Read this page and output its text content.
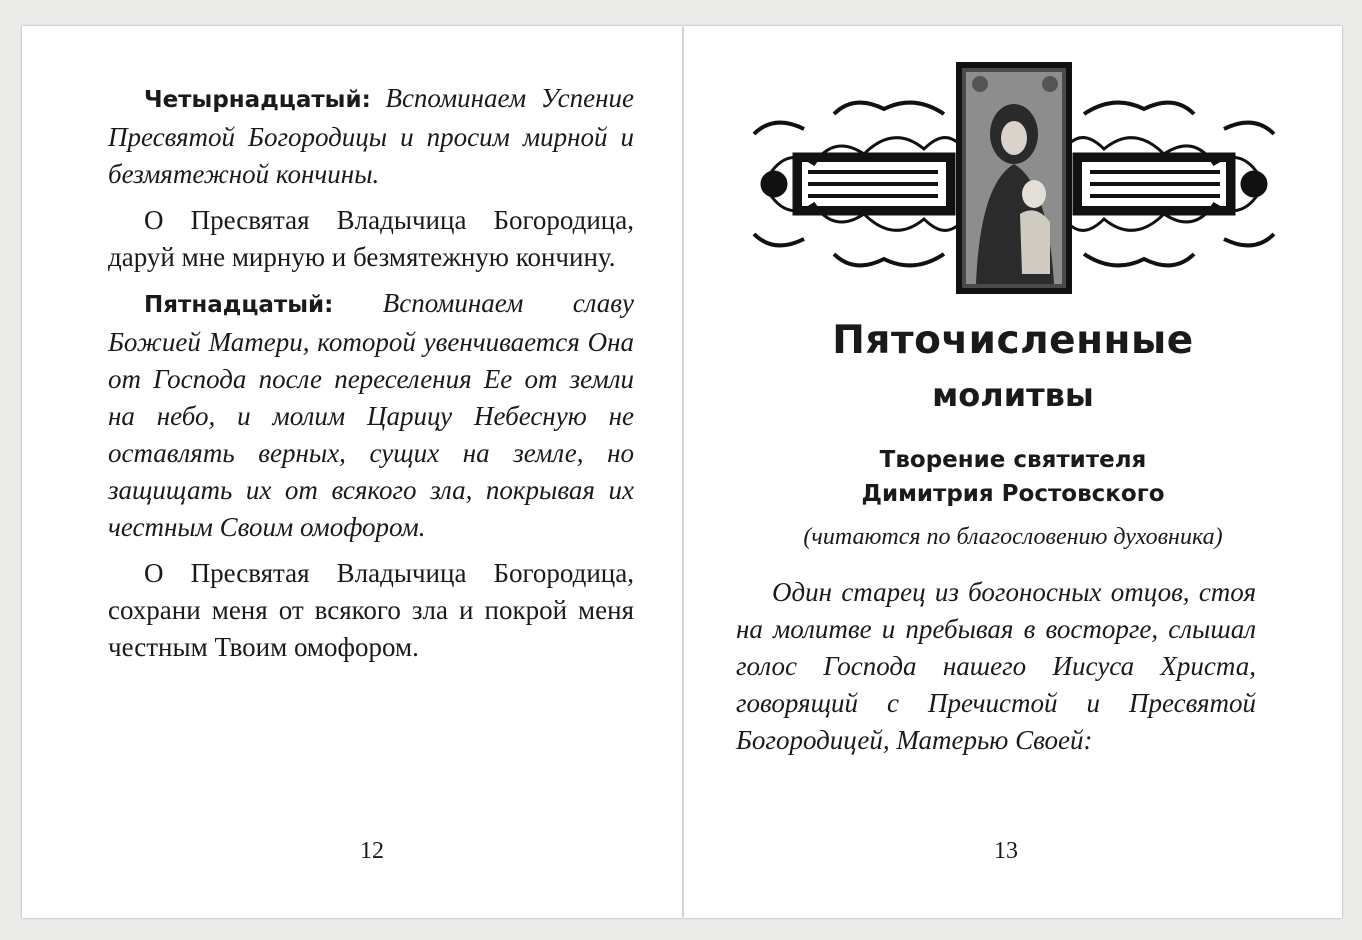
Четырнадцатый: Вспоминаем Успение Пресвятой Богородицы и просим мирной и безмятежной кончины.

О Пресвятая Владычица Богородица, даруй мне мирную и безмятежную кончину.

Пятнадцатый: Вспоминаем славу Божией Матери, которой увенчивается Она от Господа после переселения Ее от земли на небо, и молим Царицу Небесную не оставлять верных, сущих на земле, но защищать их от всякого зла, покрывая их честным Своим омофором.

О Пресвятая Владычица Богородица, сохрани меня от всякого зла и покрой меня честным Твоим омофором.

12

Пяточисленные

молитвы

Творение святителя

Димитрия Ростовского

(читаются по благословению духовника)

Один старец из богоносных отцов, стоя на молитве и пребывая в восторге, слышал голос Господа нашего Иисуса Христа, говорящий с Пречистой и Пресвятой Богородицей, Матерью Своей:

13
